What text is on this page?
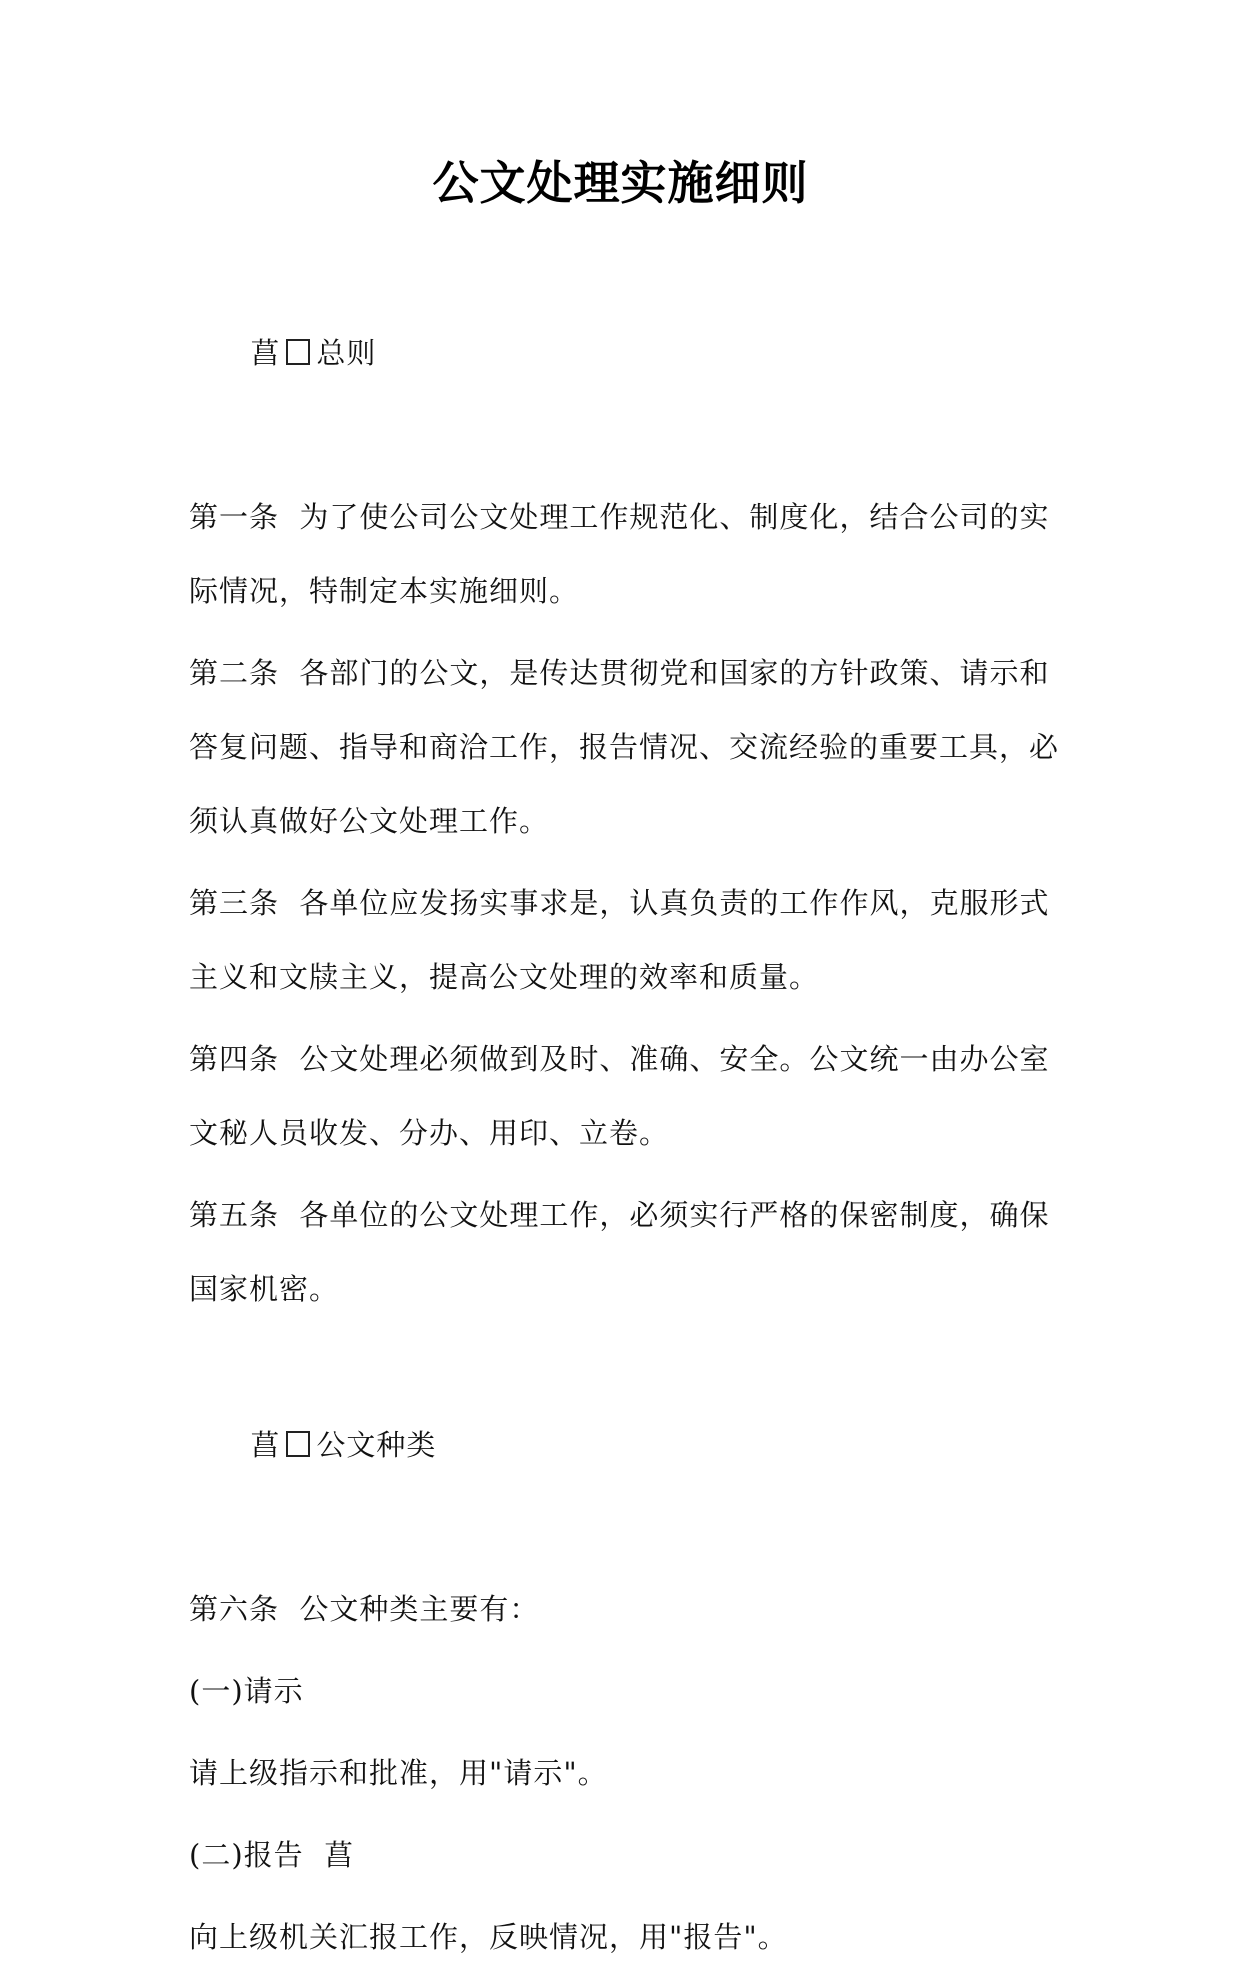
公文处理实施细则

菖 总则

第一条  为了使公司公文处理工作规范化、制度化，结合公司的实际情况，特制定本实施细则。

第二条  各部门的公文，是传达贯彻党和国家的方针政策、请示和答复问题、指导和商洽工作，报告情况、交流经验的重要工具，必须认真做好公文处理工作。

第三条  各单位应发扬实事求是，认真负责的工作作风，克服形式主义和文牍主义，提高公文处理的效率和质量。

第四条  公文处理必须做到及时、准确、安全。公文统一由办公室文秘人员收发、分办、用印、立卷。

第五条  各单位的公文处理工作，必须实行严格的保密制度，确保国家机密。

菖 公文种类

第六条  公文种类主要有：

(一)请示

请上级指示和批准，用"请示"。

(二)报告  菖

向上级机关汇报工作，反映情况，用"报告"。
